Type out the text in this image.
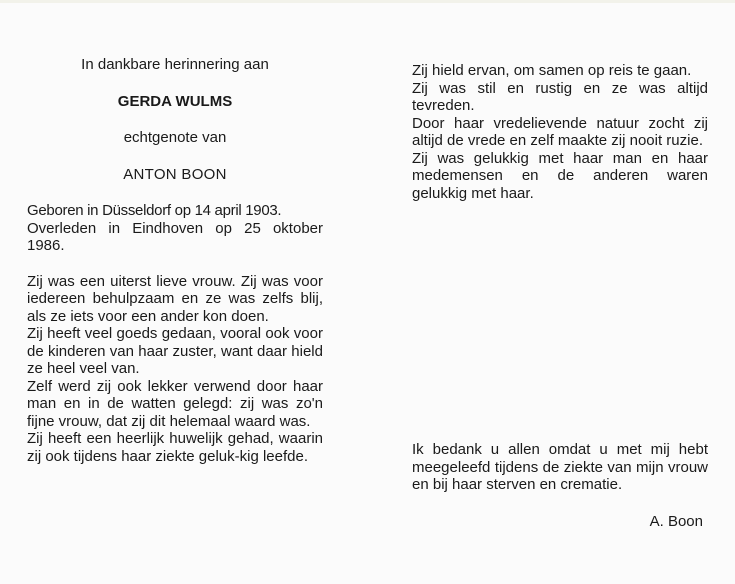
In dankbare herinnering aan
GERDA WULMS
echtgenote van
ANTON BOON

Geboren in Düsseldorf op 14 april 1903.

Overleden in Eindhoven op 25 oktober 1986.

Zij was een uiterst lieve vrouw. Zij was voor iedereen behulpzaam en ze was zelfs blij, als ze iets voor een ander kon doen.

Zij heeft veel goeds gedaan, vooral ook voor de kinderen van haar zuster, want daar hield ze heel veel van.

Zelf werd zij ook lekker verwend door haar man en in de watten gelegd: zij was zo'n fijne vrouw, dat zij dit helemaal waard was.

Zij heeft een heerlijk huwelijk gehad, waarin zij ook tijdens haar ziekte geluk-kig leefde.

Zij hield ervan, om samen op reis te gaan.

Zij was stil en rustig en ze was altijd tevreden.

Door haar vredelievende natuur zocht zij altijd de vrede en zelf maakte zij nooit ruzie.

Zij was gelukkig met haar man en haar medemensen en de anderen waren gelukkig met haar.

Ik bedank u allen omdat u met mij hebt meegeleefd tijdens de ziekte van mijn vrouw en bij haar sterven en crematie.

A. Boon
